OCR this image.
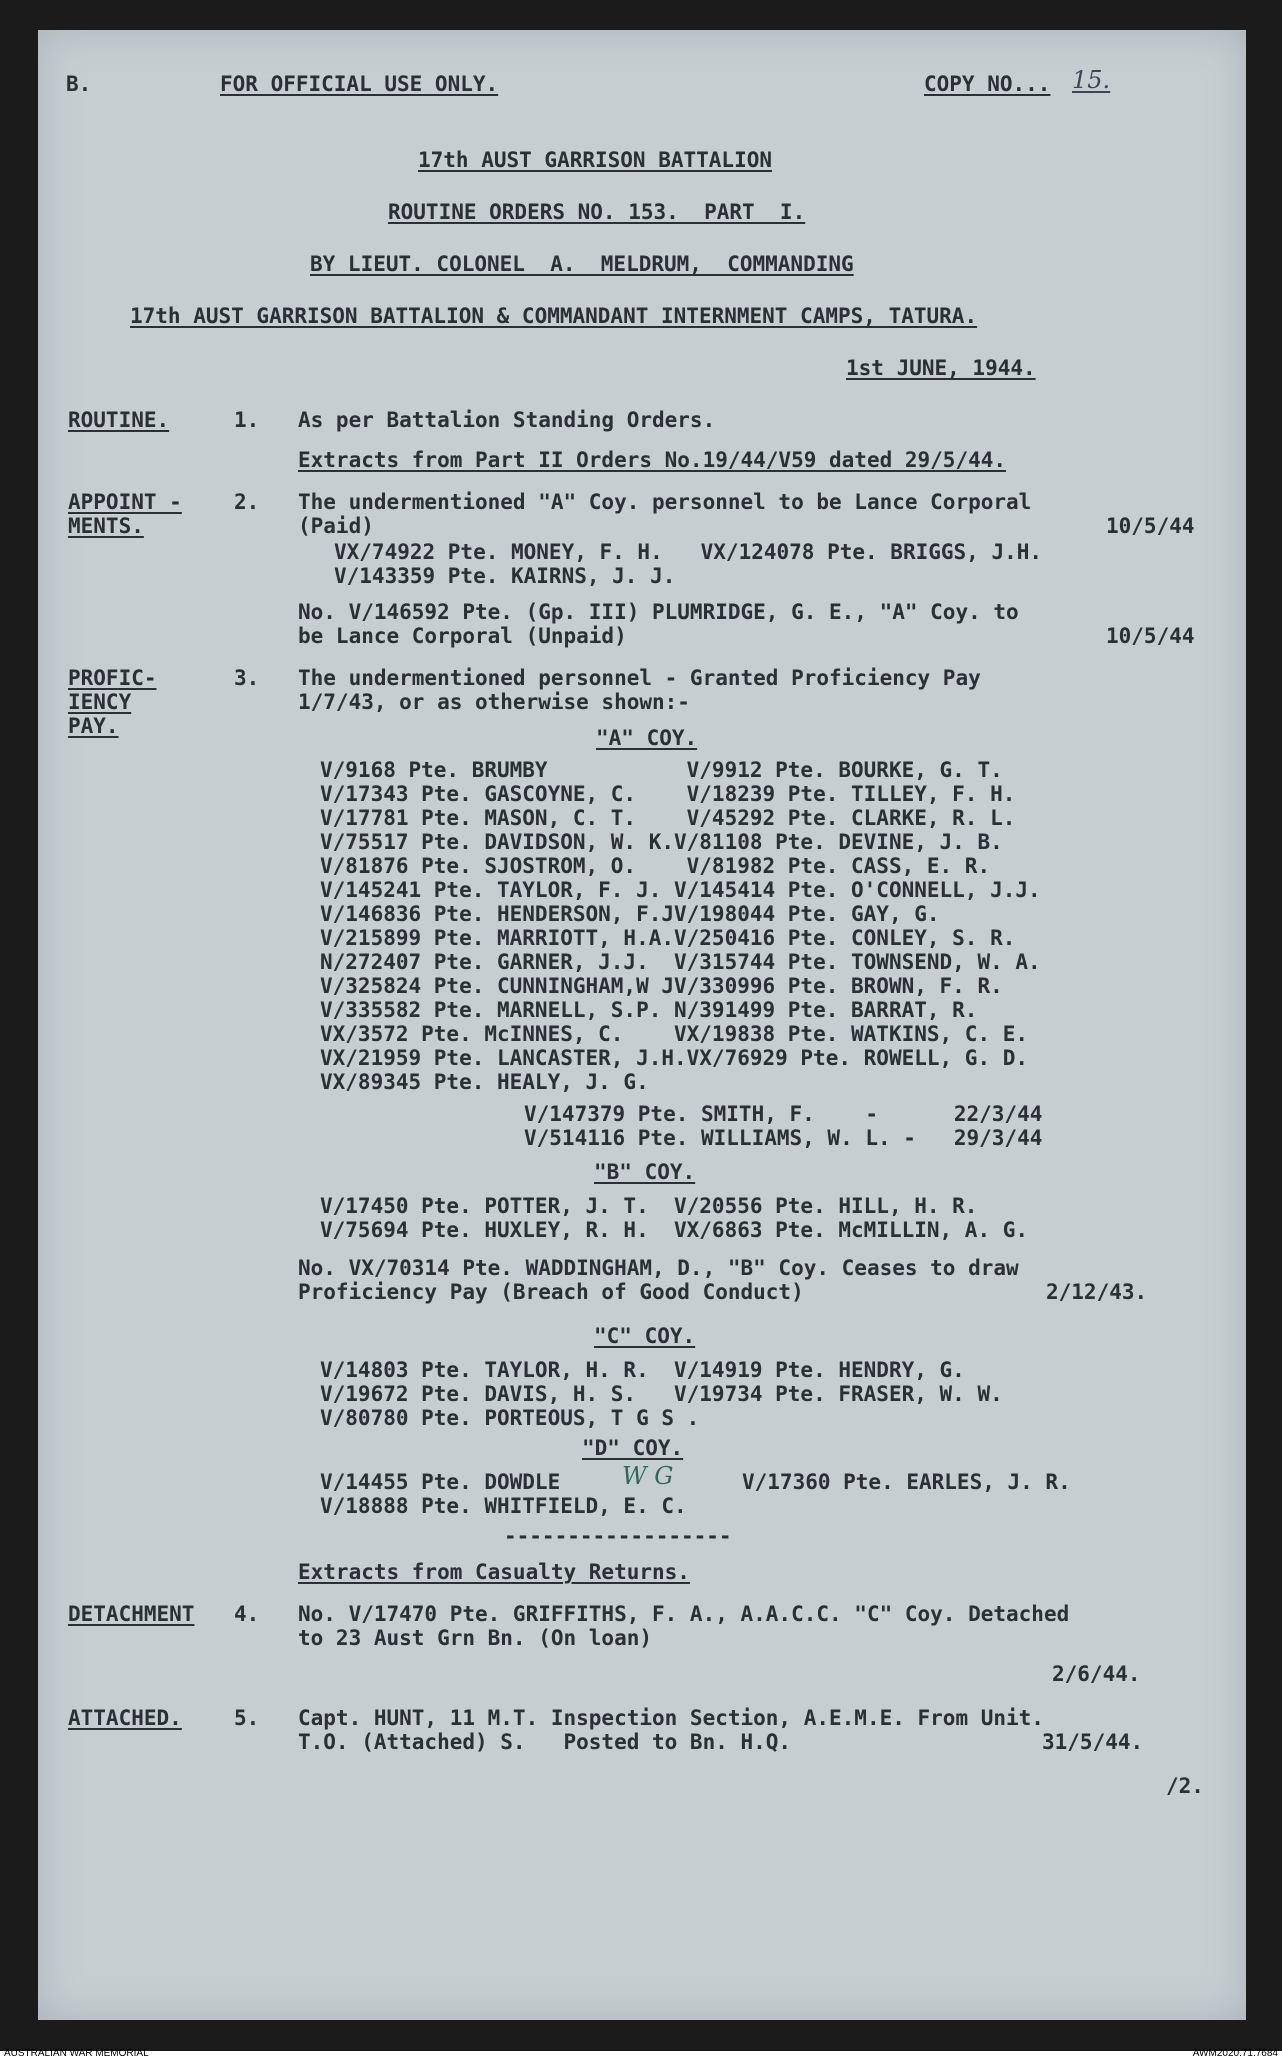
B.	FOR OFFICIAL USE ONLY.	COPY NO... 15.
17th AUST GARRISON BATTALION
ROUTINE ORDERS NO. 153.  PART  I.
BY LIEUT. COLONEL  A.  MELDRUM,  COMMANDING
17th AUST GARRISON BATTALION & COMMANDANT INTERNMENT CAMPS, TATURA.
1st JUNE, 1944.
ROUTINE.	1. As per Battalion Standing Orders.
Extracts from Part II Orders No.19/44/V59 dated 29/5/44.
APPOINT -
MENTS.
2. The undermentioned "A" Coy. personnel to be Lance Corporal
(Paid)	10/5/44
VX/74922 Pte. MONEY, F. H.   VX/124078 Pte. BRIGGS, J.H.
V/143359 Pte. KAIRNS, J. J.
No. V/146592 Pte. (Gp. III) PLUMRIDGE, G. E., "A" Coy. to
be Lance Corporal (Unpaid)	10/5/44
PROFIC-
IENCY
PAY.
3. The undermentioned personnel - Granted Proficiency Pay
1/7/43, or as otherwise shown:-
"A" COY.
V/9168 Pte. BRUMBY           V/9912 Pte. BOURKE, G. T.
V/17343 Pte. GASCOYNE, C.    V/18239 Pte. TILLEY, F. H.
V/17781 Pte. MASON, C. T.    V/45292 Pte. CLARKE, R. L.
V/75517 Pte. DAVIDSON, W. K.V/81108 Pte. DEVINE, J. B.
V/81876 Pte. SJOSTROM, O.    V/81982 Pte. CASS, E. R.
V/145241 Pte. TAYLOR, F. J. V/145414 Pte. O'CONNELL, J.J.
V/146836 Pte. HENDERSON, F.JV/198044 Pte. GAY, G.
V/215899 Pte. MARRIOTT, H.A.V/250416 Pte. CONLEY, S. R.
N/272407 Pte. GARNER, J.J.  V/315744 Pte. TOWNSEND, W. A.
V/325824 Pte. CUNNINGHAM,W JV/330996 Pte. BROWN, F. R.
V/335582 Pte. MARNELL, S.P. N/391499 Pte. BARRAT, R.
VX/3572 Pte. McINNES, C.    VX/19838 Pte. WATKINS, C. E.
VX/21959 Pte. LANCASTER, J.H.VX/76929 Pte. ROWELL, G. D.
VX/89345 Pte. HEALY, J. G.
V/147379 Pte. SMITH, F.    -      22/3/44
V/514116 Pte. WILLIAMS, W. L. -   29/3/44
"B" COY.
V/17450 Pte. POTTER, J. T.  V/20556 Pte. HILL, H. R.
V/75694 Pte. HUXLEY, R. H.  VX/6863 Pte. McMILLIN, A. G.
No. VX/70314 Pte. WADDINGHAM, D., "B" Coy. Ceases to draw
Proficiency Pay (Breach of Good Conduct)	2/12/43.
"C" COY.
V/14803 Pte. TAYLOR, H. R.  V/14919 Pte. HENDRY, G.
V/19672 Pte. DAVIS, H. S.   V/19734 Pte. FRASER, W. W.
V/80780 Pte. PORTEOUS, T G S .
"D" COY.
V/14455 Pte. DOWDLE	W G	V/17360 Pte. EARLES, J. R.
V/18888 Pte. WHITFIELD, E. C.
------------------
Extracts from Casualty Returns.
DETACHMENT 4. No. V/17470 Pte. GRIFFITHS, F. A., A.A.C.C. "C" Coy. Detached
to 23 Aust Grn Bn. (On loan)
2/6/44.
ATTACHED. 5. Capt. HUNT, 11 M.T. Inspection Section, A.E.M.E. From Unit.
T.O. (Attached) S.   Posted to Bn. H.Q.	31/5/44.
/2.
AUSTRALIAN WAR MEMORIAL	AWM2020.71.7684
